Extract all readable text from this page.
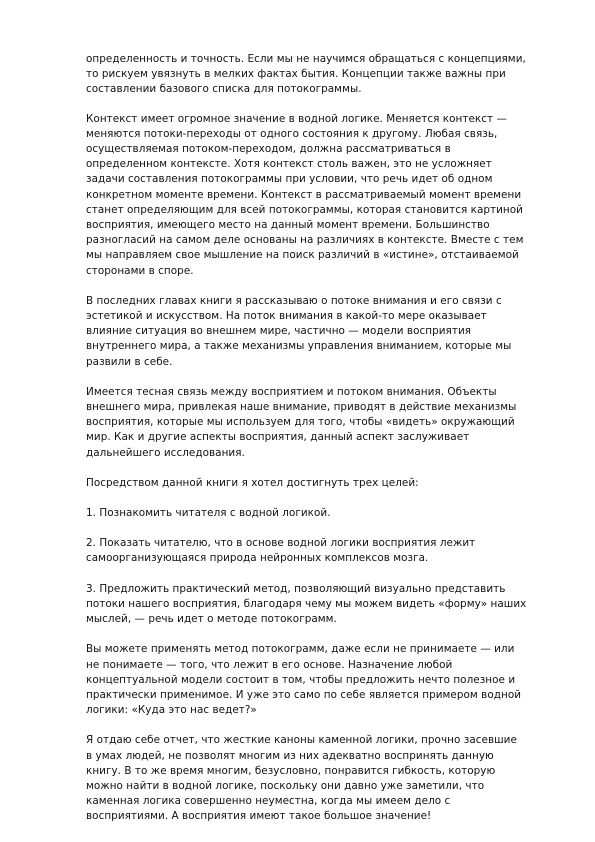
определенность и точность. Если мы не научимся обращаться с концепциями,
то рискуем увязнуть в мелких фактах бытия. Концепции также важны при
составлении базового списка для потокограммы.

Контекст имеет огромное значение в водной логике. Меняется контекст —
меняются потоки-переходы от одного состояния к другому. Любая связь,
осуществляемая потоком-переходом, должна рассматриваться в
определенном контексте. Хотя контекст столь важен, это не усложняет
задачи составления потокограммы при условии, что речь идет об одном
конкретном моменте времени. Контекст в рассматриваемый момент времени
станет определяющим для всей потокограммы, которая становится картиной
восприятия, имеющего место на данный момент времени. Большинство
разногласий на самом деле основаны на различиях в контексте. Вместе с тем
мы направляем свое мышление на поиск различий в «истине», отстаиваемой
сторонами в споре.

В последних главах книги я рассказываю о потоке внимания и его связи с
эстетикой и искусством. На поток внимания в какой-то мере оказывает
влияние ситуация во внешнем мире, частично — модели восприятия
внутреннего мира, а также механизмы управления вниманием, которые мы
развили в себе.

Имеется тесная связь между восприятием и потоком внимания. Объекты
внешнего мира, привлекая наше внимание, приводят в действие механизмы
восприятия, которые мы используем для того, чтобы «видеть» окружающий
мир. Как и другие аспекты восприятия, данный аспект заслуживает
дальнейшего исследования.

Посредством данной книги я хотел достигнуть трех целей:

1. Познакомить читателя с водной логикой.

2. Показать читателю, что в основе водной логики восприятия лежит
самоорганизующаяся природа нейронных комплексов мозга.

3. Предложить практический метод, позволяющий визуально представить
потоки нашего восприятия, благодаря чему мы можем видеть «форму» наших
мыслей, — речь идет о методе потокограмм.

Вы можете применять метод потокограмм, даже если не принимаете — или
не понимаете — того, что лежит в его основе. Назначение любой
концептуальной модели состоит в том, чтобы предложить нечто полезное и
практически применимое. И уже это само по себе является примером водной
логики: «Куда это нас ведет?»

Я отдаю себе отчет, что жесткие каноны каменной логики, прочно засевшие
в умах людей, не позволят многим из них адекватно воспринять данную
книгу. В то же время многим, безусловно, понравится гибкость, которую
можно найти в водной логике, поскольку они давно уже заметили, что
каменная логика совершенно неуместна, когда мы имеем дело с
восприятиями. А восприятия имеют такое большое значение!
